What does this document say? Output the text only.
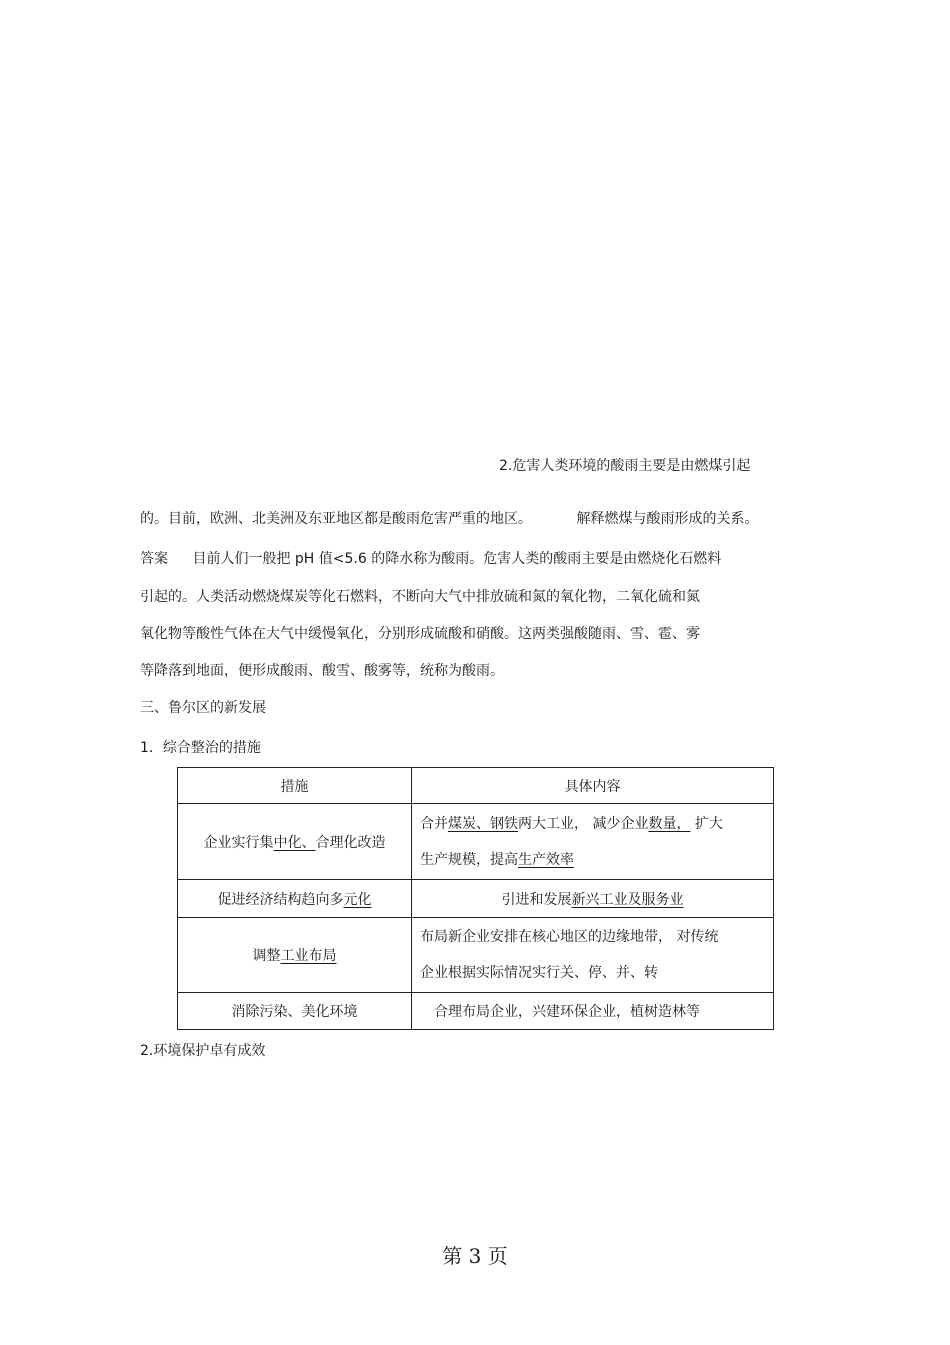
2.危害人类环境的酸雨主要是由燃煤引起
的。目前，欧洲、北美洲及东亚地区都是酸雨危害严重的地区。	解释燃煤与酸雨形成的关系。
答案 目前人们一般把 pH 值<5.6 的降水称为酸雨。危害人类的酸雨主要是由燃烧化石燃料
引起的。人类活动燃烧煤炭等化石燃料，不断向大气中排放硫和氮的氧化物，二氧化硫和氮
氧化物等酸性气体在大气中缓慢氧化，分别形成硫酸和硝酸。这两类强酸随雨、雪、雹、雾
等降落到地面，便形成酸雨、酸雪、酸雾等，统称为酸雨。
三、鲁尔区的新发展
1．综合整治的措施
措施	具体内容
企业实行集中化、合理化改造	合并煤炭、钢铁两大工业， 减少企业数量， 扩大
生产规模，提高生产效率

促进经济结构趋向多元化	引进和发展新兴工业及服务业
调整工业布局	布局新企业安排在核心地区的边缘地带， 对传统
企业根据实际情况实行关、停、并、转

消除污染、美化环境	合理布局企业，兴建环保企业，植树造林等
2.环境保护卓有成效
第 3 页
